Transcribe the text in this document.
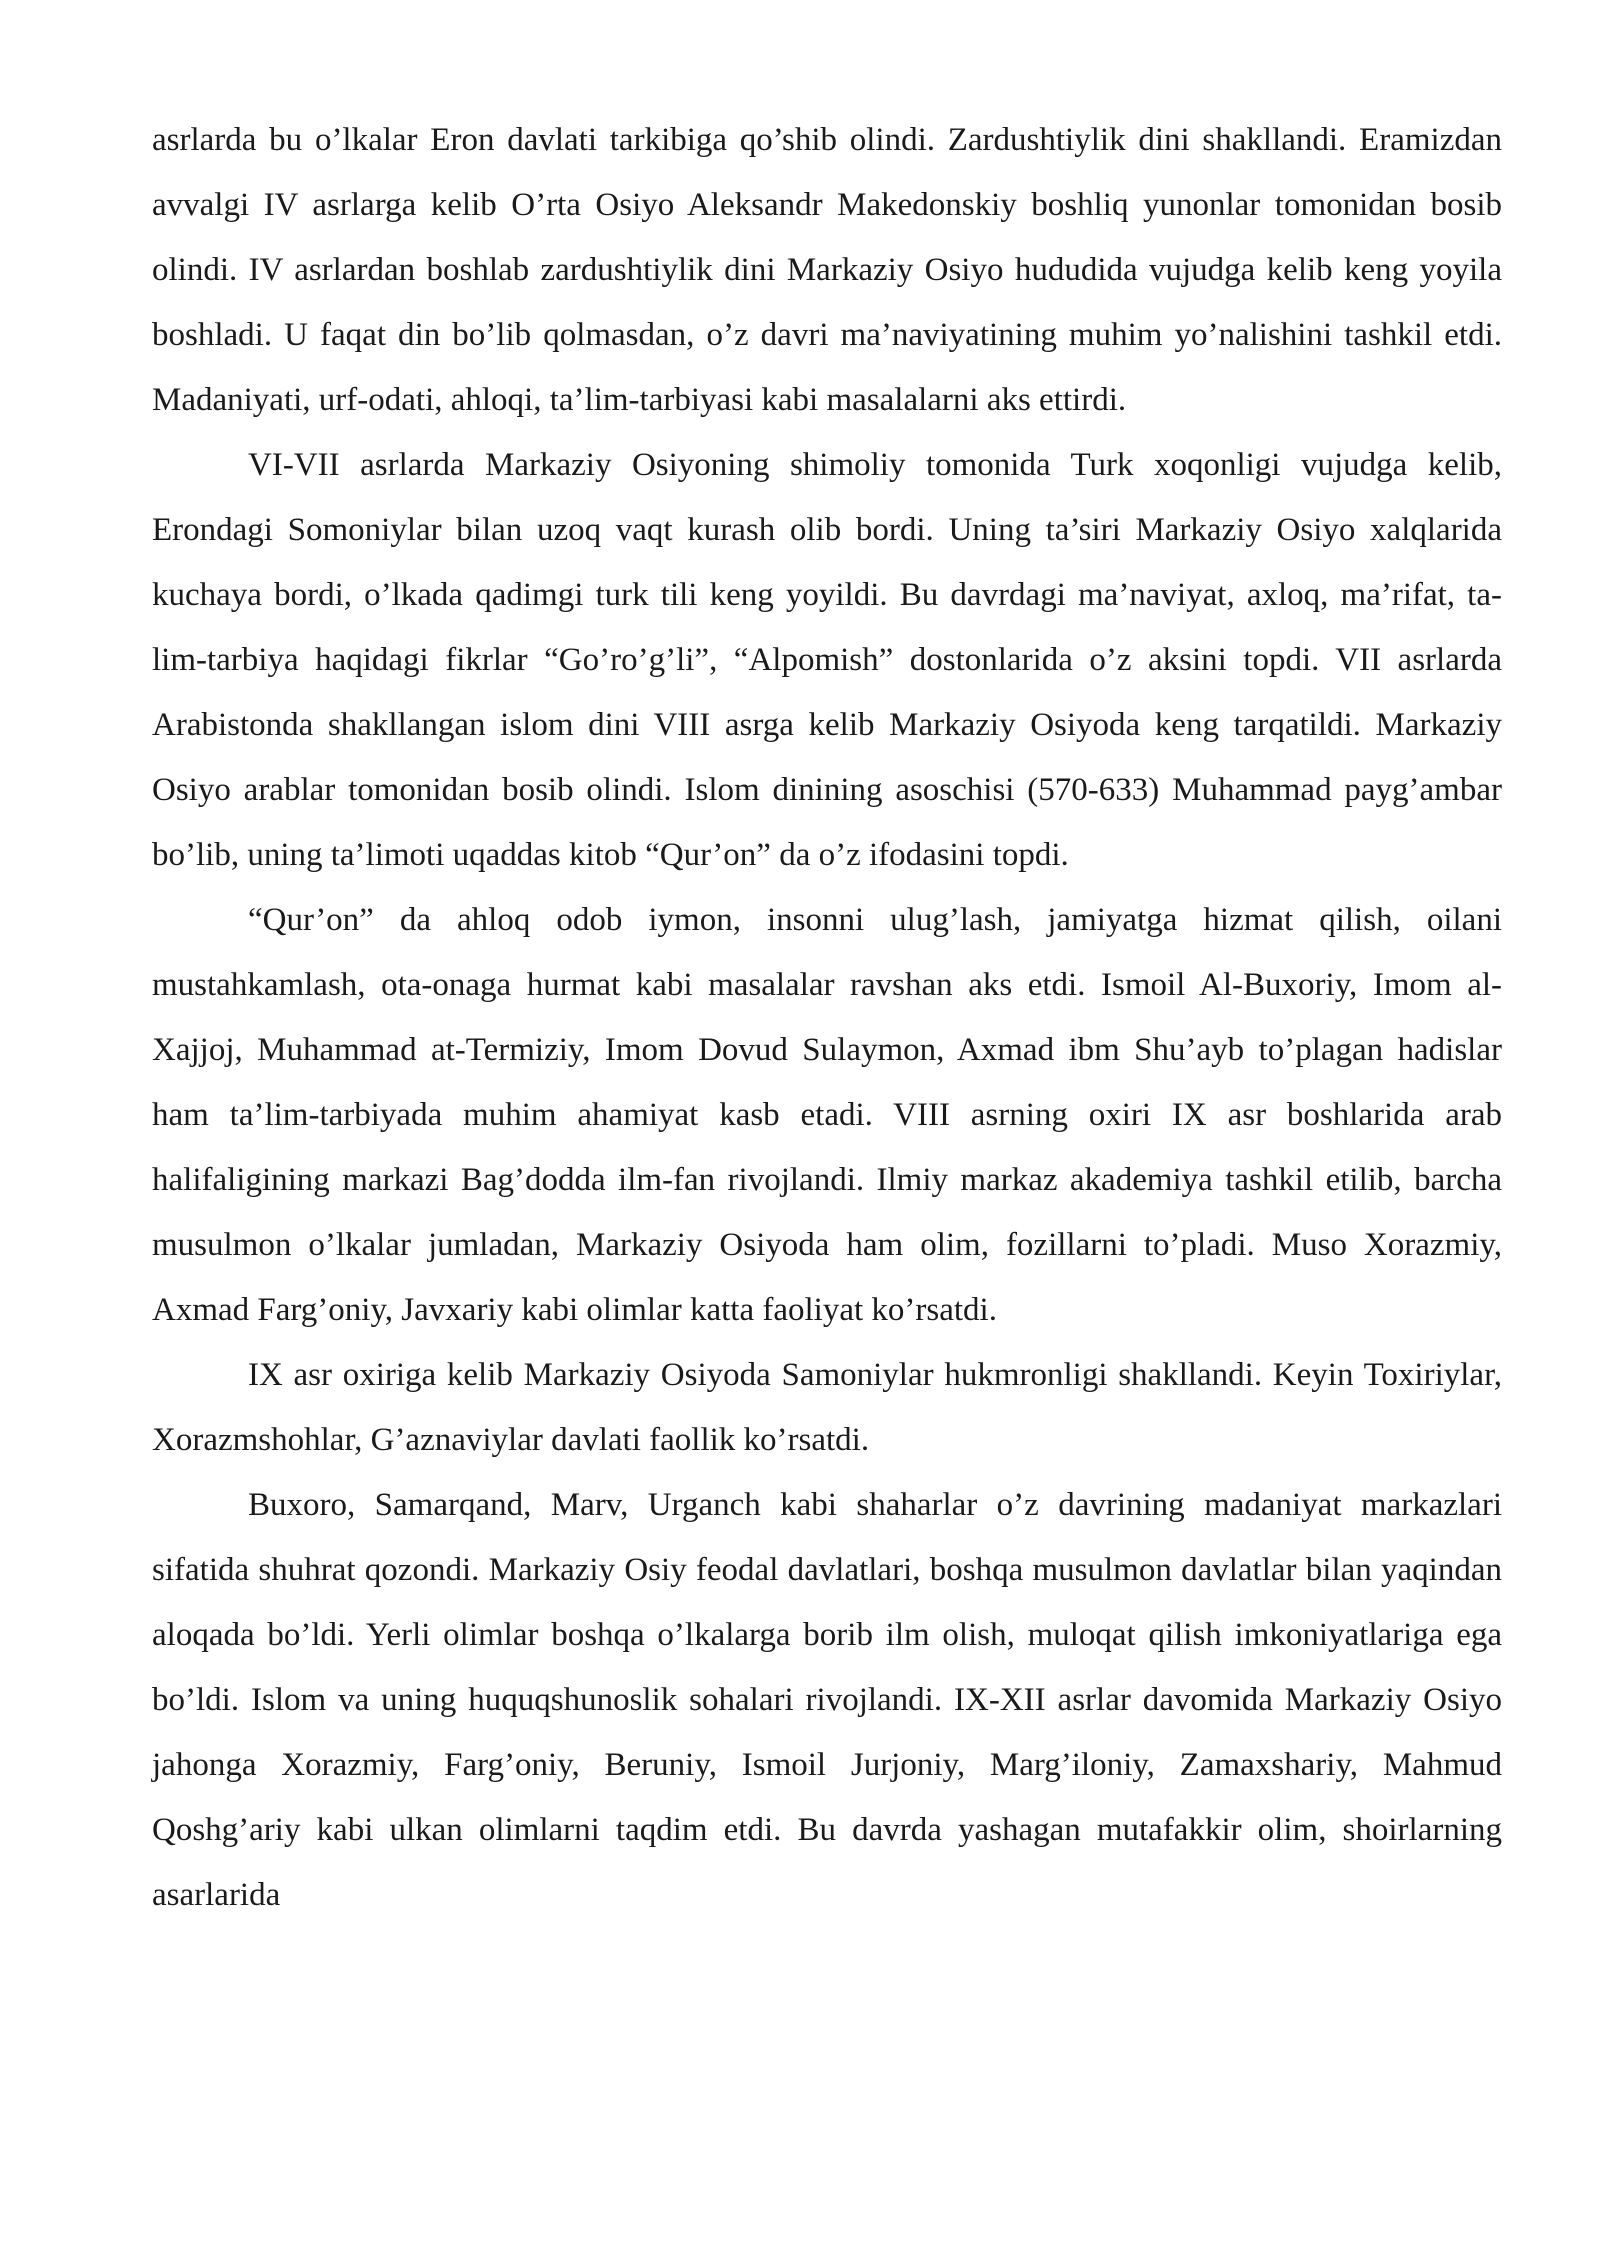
asrlarda bu o’lkalar Eron davlati tarkibiga qo’shib olindi. Zardushtiylik dini shakllandi. Eramizdan avvalgi IV asrlarga kelib O’rta Osiyo Aleksandr Makedonskiy boshliq yunonlar tomonidan bosib olindi. IV asrlardan boshlab zardushtiylik dini Markaziy Osiyo hududida vujudga kelib keng yoyila boshladi. U faqat din bo’lib qolmasdan, o’z davri ma’naviyatining muhim yo’nalishini tashkil etdi. Madaniyati, urf-odati, ahloqi, ta’lim-tarbiyasi kabi masalalarni aks ettirdi.

VI-VII asrlarda Markaziy Osiyoning shimoliy tomonida Turk xoqonligi vujudga kelib, Erondagi Somoniylar bilan uzoq vaqt kurash olib bordi. Uning ta’siri Markaziy Osiyo xalqlarida kuchaya bordi, o’lkada qadimgi turk tili keng yoyildi. Bu davrdagi ma’naviyat, axloq, ma’rifat, ta-lim-tarbiya haqidagi fikrlar “Go’ro’g’li”, “Alpomish” dostonlarida o’z aksini topdi. VII asrlarda Arabistonda shakllangan islom dini VIII asrga kelib Markaziy Osiyoda keng tarqatildi. Markaziy Osiyo arablar tomonidan bosib olindi. Islom dinining asoschisi (570-633) Muhammad payg’ambar bo’lib, uning ta’limoti uqaddas kitob “Qur’on” da o’z ifodasini topdi.

“Qur’on” da ahloq odob iymon, insonni ulug’lash, jamiyatga hizmat qilish, oilani mustahkamlash, ota-onaga hurmat kabi masalalar ravshan aks etdi. Ismoil Al-Buxoriy, Imom al-Xajjoj, Muhammad at-Termiziy, Imom Dovud Sulaymon, Axmad ibm Shu’ayb to’plagan hadislar ham ta’lim-tarbiyada muhim ahamiyat kasb etadi. VIII asrning oxiri IX asr boshlarida arab halifaligining markazi Bag’dodda ilm-fan rivojlandi. Ilmiy markaz akademiya tashkil etilib, barcha musulmon o’lkalar jumladan, Markaziy Osiyoda ham olim, fozillarni to’pladi. Muso Xorazmiy, Axmad Farg’oniy, Javxariy kabi olimlar katta faoliyat ko’rsatdi.

IX asr oxiriga kelib Markaziy Osiyoda Samoniylar hukmronligi shakllandi. Keyin Toxiriylar, Xorazmshohlar, G’aznaviylar davlati faollik ko’rsatdi.

Buxoro, Samarqand, Marv, Urganch kabi shaharlar o’z davrining madaniyat markazlari sifatida shuhrat qozondi. Markaziy Osiy feodal davlatlari, boshqa musulmon davlatlar bilan yaqindan aloqada bo’ldi. Yerli olimlar boshqa o’lkalarga borib ilm olish, muloqat qilish imkoniyatlariga ega bo’ldi. Islom va uning huquqshunoslik sohalari rivojlandi. IX-XII asrlar davomida Markaziy Osiyo jahonga Xorazmiy, Farg’oniy, Beruniy, Ismoil Jurjoniy, Marg’iloniy, Zamaxshariy, Mahmud Qoshg’ariy kabi ulkan olimlarni taqdim etdi. Bu davrda yashagan mutafakkir olim, shoirlarning asarlarida
